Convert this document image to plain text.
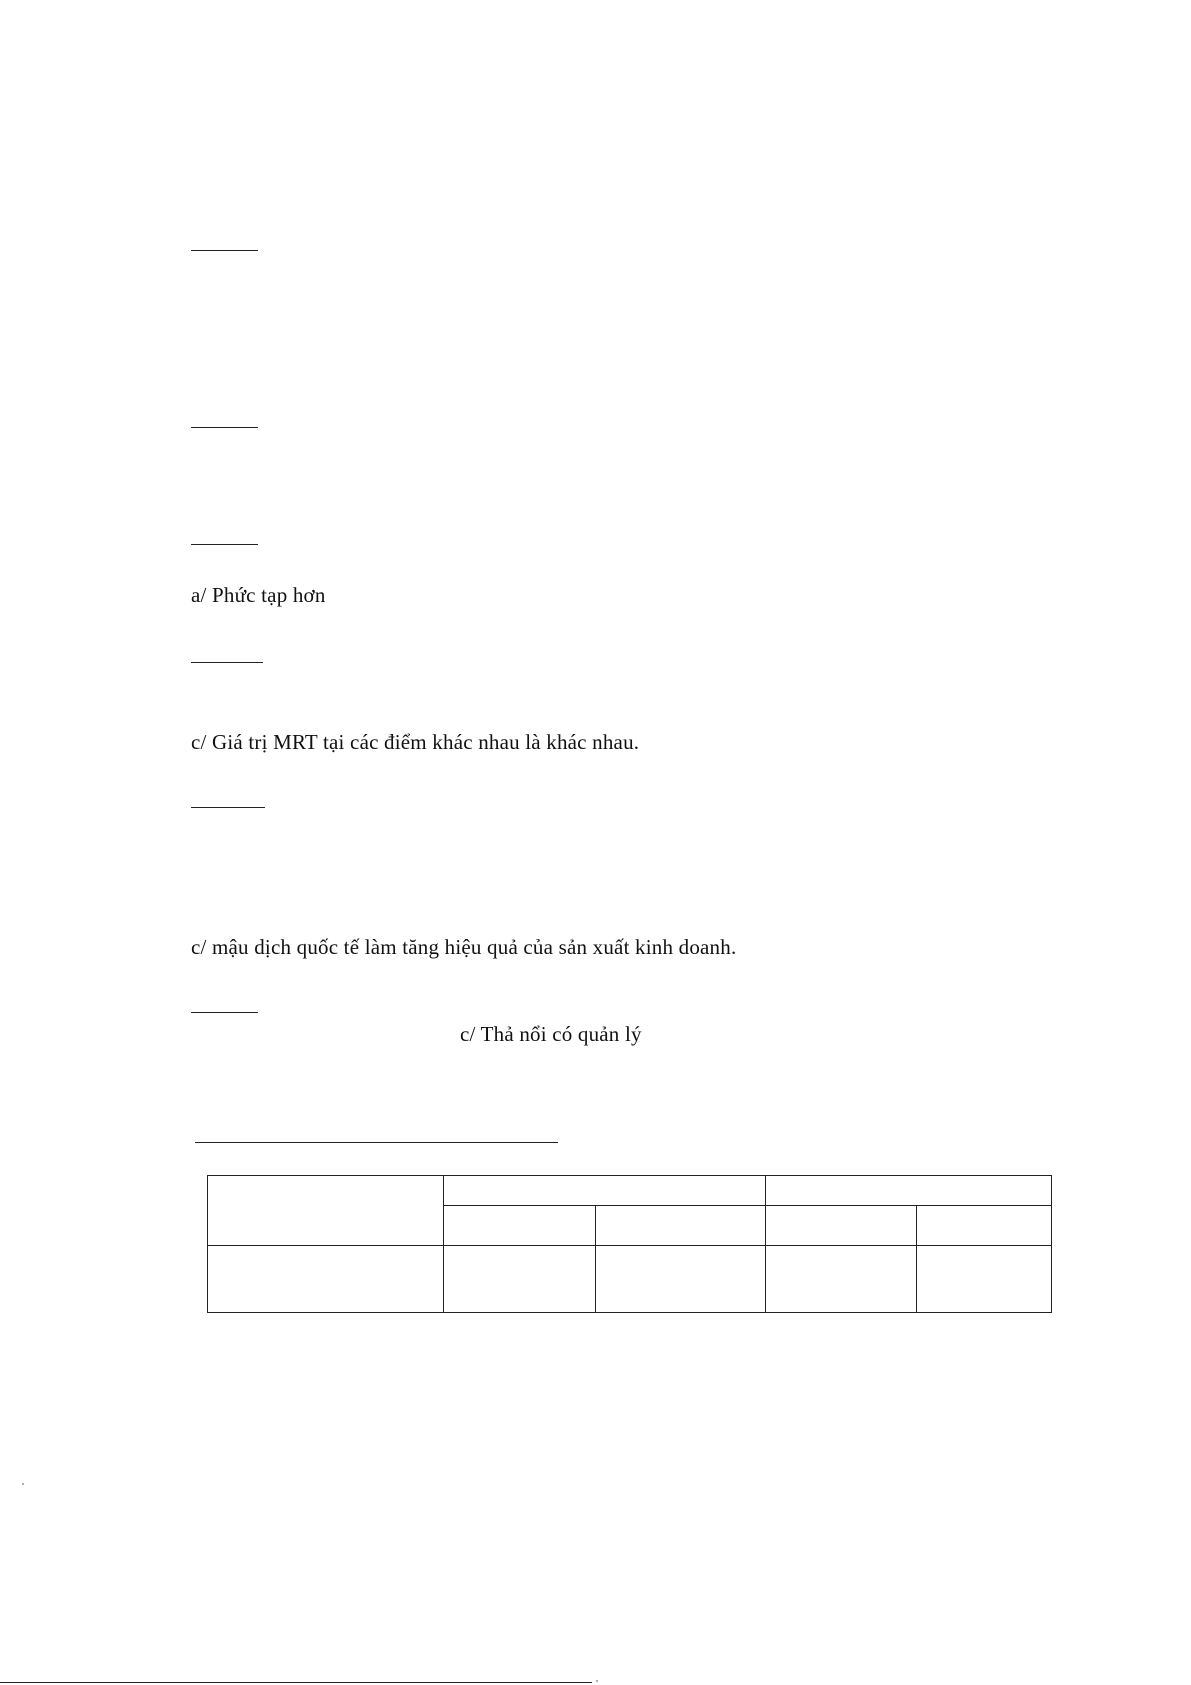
a/ Phức tạp hơn
c/ Giá trị MRT tại các điểm khác nhau là khác nhau.
c/ mậu dịch quốc tế làm tăng hiệu quả của sản xuất kinh doanh.
c/ Thả nổi có quản lý
